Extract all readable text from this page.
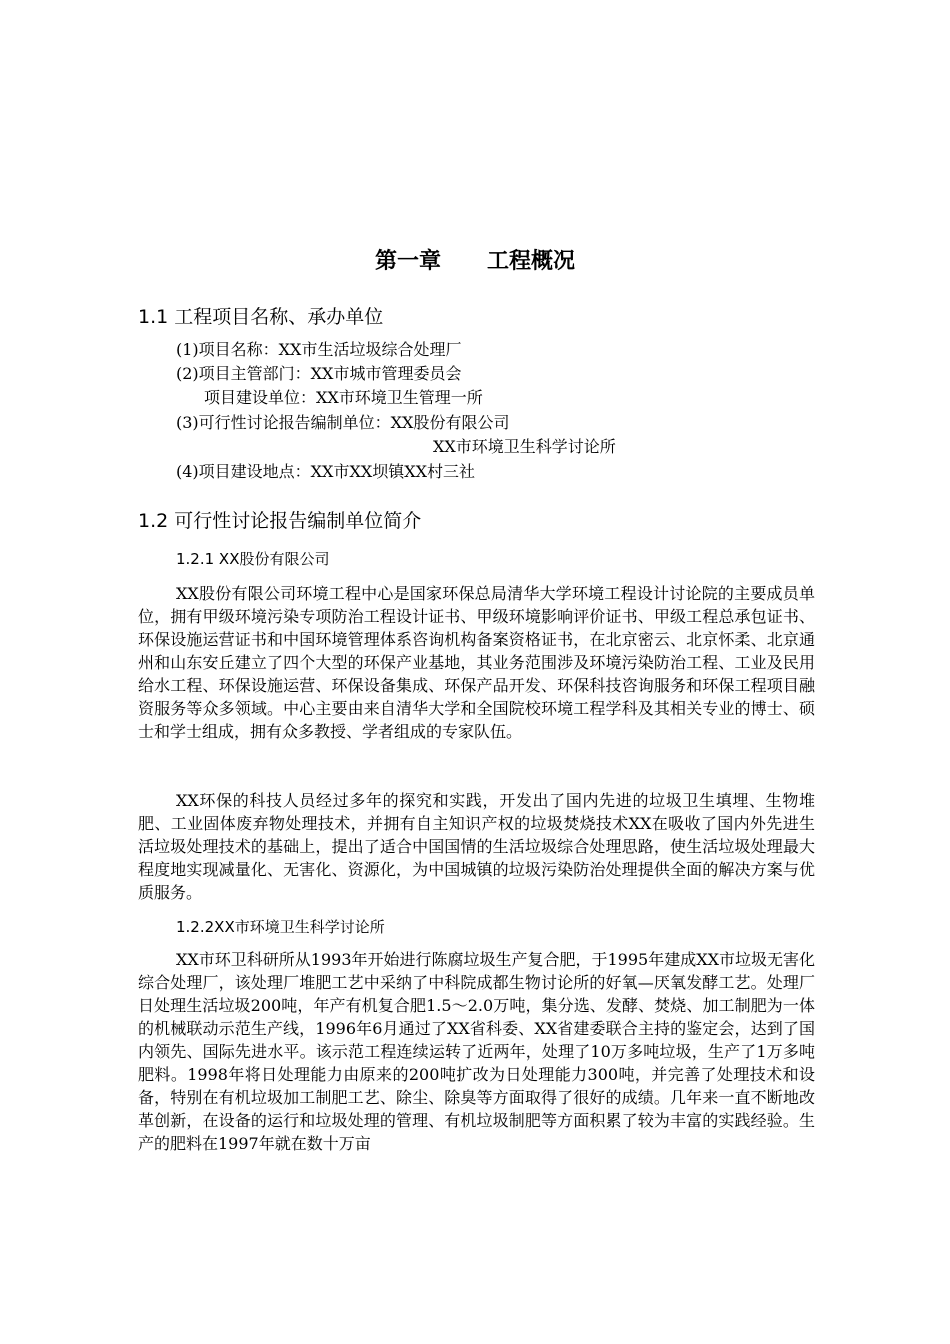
第一章      工程概况
1.1 工程项目名称、承办单位
(1)项目名称：XX市生活垃圾综合处理厂
(2)项目主管部门：XX市城市管理委员会
项目建设单位：XX市环境卫生管理一所
(3)可行性讨论报告编制单位：XX股份有限公司
XX市环境卫生科学讨论所
(4)项目建设地点：XX市XX坝镇XX村三社
1.2 可行性讨论报告编制单位简介
1.2.1 XX股份有限公司
XX股份有限公司环境工程中心是国家环保总局清华大学环境工程设计讨论院的主要成员单位，拥有甲级环境污染专项防治工程设计证书、甲级环境影响评价证书、甲级工程总承包证书、环保设施运营证书和中国环境管理体系咨询机构备案资格证书，在北京密云、北京怀柔、北京通州和山东安丘建立了四个大型的环保产业基地，其业务范围涉及环境污染防治工程、工业及民用给水工程、环保设施运营、环保设备集成、环保产品开发、环保科技咨询服务和环保工程项目融资服务等众多领域。中心主要由来自清华大学和全国院校环境工程学科及其相关专业的博士、硕士和学士组成，拥有众多教授、学者组成的专家队伍。
XX环保的科技人员经过多年的探究和实践，开发出了国内先进的垃圾卫生填埋、生物堆肥、工业固体废弃物处理技术，并拥有自主知识产权的垃圾焚烧技术XX在吸收了国内外先进生活垃圾处理技术的基础上，提出了适合中国国情的生活垃圾综合处理思路，使生活垃圾处理最大程度地实现减量化、无害化、资源化，为中国城镇的垃圾污染防治处理提供全面的解决方案与优质服务。
1.2.2XX市环境卫生科学讨论所
XX市环卫科研所从1993年开始进行陈腐垃圾生产复合肥，于1995年建成XX市垃圾无害化综合处理厂，该处理厂堆肥工艺中采纳了中科院成都生物讨论所的好氧—厌氧发酵工艺。处理厂日处理生活垃圾200吨，年产有机复合肥1.5～2.0万吨，集分选、发酵、焚烧、加工制肥为一体的机械联动示范生产线，1996年6月通过了XX省科委、XX省建委联合主持的鉴定会，达到了国内领先、国际先进水平。该示范工程连续运转了近两年，处理了10万多吨垃圾，生产了1万多吨肥料。1998年将日处理能力由原来的200吨扩改为日处理能力300吨，并完善了处理技术和设备，特别在有机垃圾加工制肥工艺、除尘、除臭等方面取得了很好的成绩。几年来一直不断地改革创新，在设备的运行和垃圾处理的管理、有机垃圾制肥等方面积累了较为丰富的实践经验。生产的肥料在1997年就在数十万亩
